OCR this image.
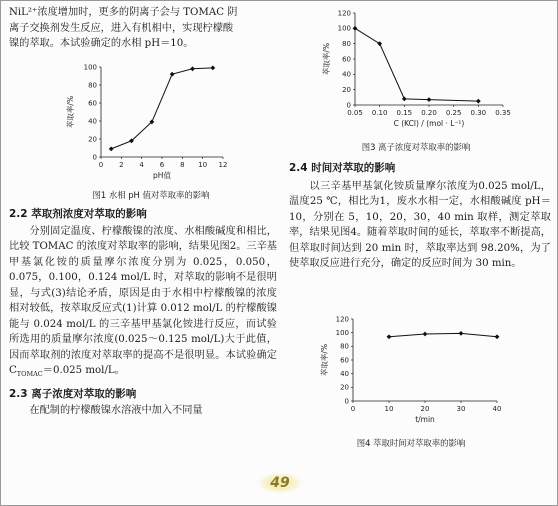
NiL²⁺浓度增加时，更多的阴离子会与 TOMAC 阴

离子交换剂发生反应，进入有机相中，实现柠檬酸

镍的萃取。本试验确定的水相 pH＝10。

0
20
40
60
80
100
0 2 4 6 8 10 12
pH值
萃取率/%
图1 水相 pH 值对萃取率的影响

2.2 萃取剂浓度对萃取的影响

分别固定温度、柠檬酸镍的浓度、水相酸碱度和相比，比较 TOMAC 的浓度对萃取率的影响，结果见图2。三辛基甲基氯化铵的质量摩尔浓度分别为 0.025，0.050，0.075，0.100，0.124 mol/L 时，对萃取的影响不是很明显，与式(3)结论矛盾，原因是由于水相中柠檬酸镍的浓度相对较低，按萃取反应式(1)计算 0.012 mol/L 的柠檬酸镍能与 0.024 mol/L 的三辛基甲基氯化铵进行反应，而试验所选用的质量摩尔浓度(0.025～0.125 mol/L)大于此值，因而萃取剂的浓度对萃取率的提高不是很明显。本试验确定 $C_{TOMAC}=0.025$ mol/L。

2.3 离子浓度对萃取的影响

在配制的柠檬酸镍水溶液中加入不同量

0
20
40
60
80
100
120
0.05 0.10 0.15 0.20 0.25 0.30 0.35
C (KCl) / (mol · L⁻¹)
萃取率/%
图3 离子浓度对萃取率的影响

2.4 时间对萃取的影响

以三辛基甲基氯化铵质量摩尔浓度为0.025 mol/L，温度25 ℃，相比为1，废水水相一定，水相酸碱度 pH＝10，分别在 5，10，20，30，40 min 取样，测定萃取率，结果见图4。随着萃取时间的延长，萃取率不断提高，但萃取时间达到 20 min 时，萃取率达到 98.20%，为了使萃取反应进行充分，确定的反应时间为 30 min。

0
20
40
60
80
100
120
0	10	20	30	40
t/min
萃取率/%
图4 萃取时间对萃取率的影响
49
